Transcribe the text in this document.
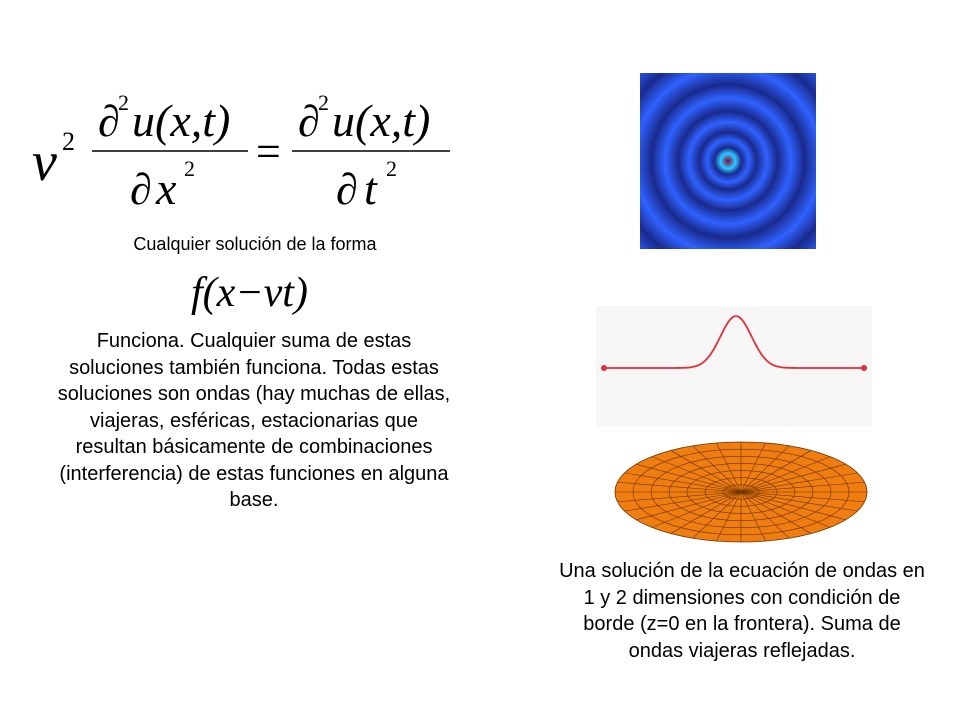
v 2 ∂
2 u(x,t)
∂ x 2 =
∂
2 u(x,t)
∂ t 2
Cualquier solución de la forma
f(x−vt)
Funciona. Cualquier suma de estas soluciones también funciona. Todas estas soluciones son ondas (hay muchas de ellas, viajeras, esféricas, estacionarias que resultan básicamente de combinaciones (interferencia) de estas funciones en alguna base.
Una solución de la ecuación de ondas en 1 y 2 dimensiones con condición de borde (z=0 en la frontera). Suma de ondas viajeras reflejadas.
